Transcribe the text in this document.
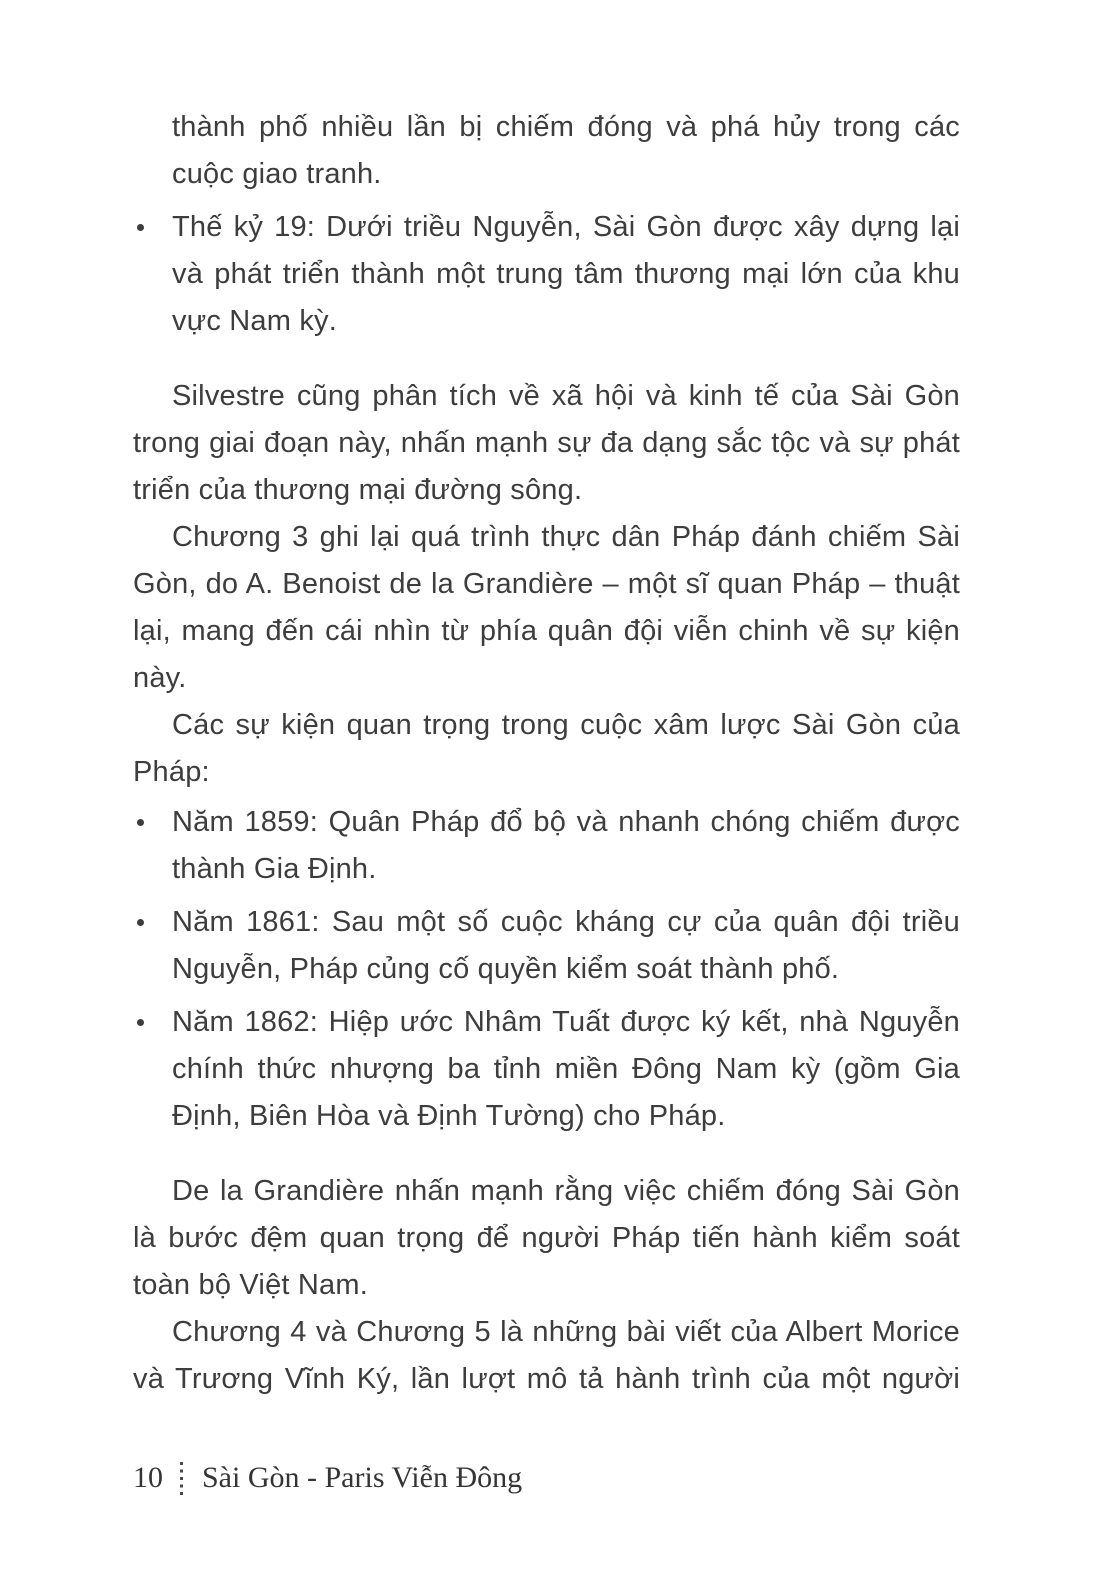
thành phố nhiều lần bị chiếm đóng và phá hủy trong các cuộc giao tranh.
Thế kỷ 19: Dưới triều Nguyễn, Sài Gòn được xây dựng lại và phát triển thành một trung tâm thương mại lớn của khu vực Nam kỳ.

Silvestre cũng phân tích về xã hội và kinh tế của Sài Gòn trong giai đoạn này, nhấn mạnh sự đa dạng sắc tộc và sự phát triển của thương mại đường sông.

Chương 3 ghi lại quá trình thực dân Pháp đánh chiếm Sài Gòn, do A. Benoist de la Grandière – một sĩ quan Pháp – thuật lại, mang đến cái nhìn từ phía quân đội viễn chinh về sự kiện này.

Các sự kiện quan trọng trong cuộc xâm lược Sài Gòn của Pháp:

Năm 1859: Quân Pháp đổ bộ và nhanh chóng chiếm được thành Gia Định.
Năm 1861: Sau một số cuộc kháng cự của quân đội triều Nguyễn, Pháp củng cố quyền kiểm soát thành phố.
Năm 1862: Hiệp ước Nhâm Tuất được ký kết, nhà Nguyễn chính thức nhượng ba tỉnh miền Đông Nam kỳ (gồm Gia Định, Biên Hòa và Định Tường) cho Pháp.

De la Grandière nhấn mạnh rằng việc chiếm đóng Sài Gòn là bước đệm quan trọng để người Pháp tiến hành kiểm soát toàn bộ Việt Nam.

Chương 4 và Chương 5 là những bài viết của Albert Morice và Trương Vĩnh Ký, lần lượt mô tả hành trình của một người

10 Sài Gòn - Paris Viễn Đông
